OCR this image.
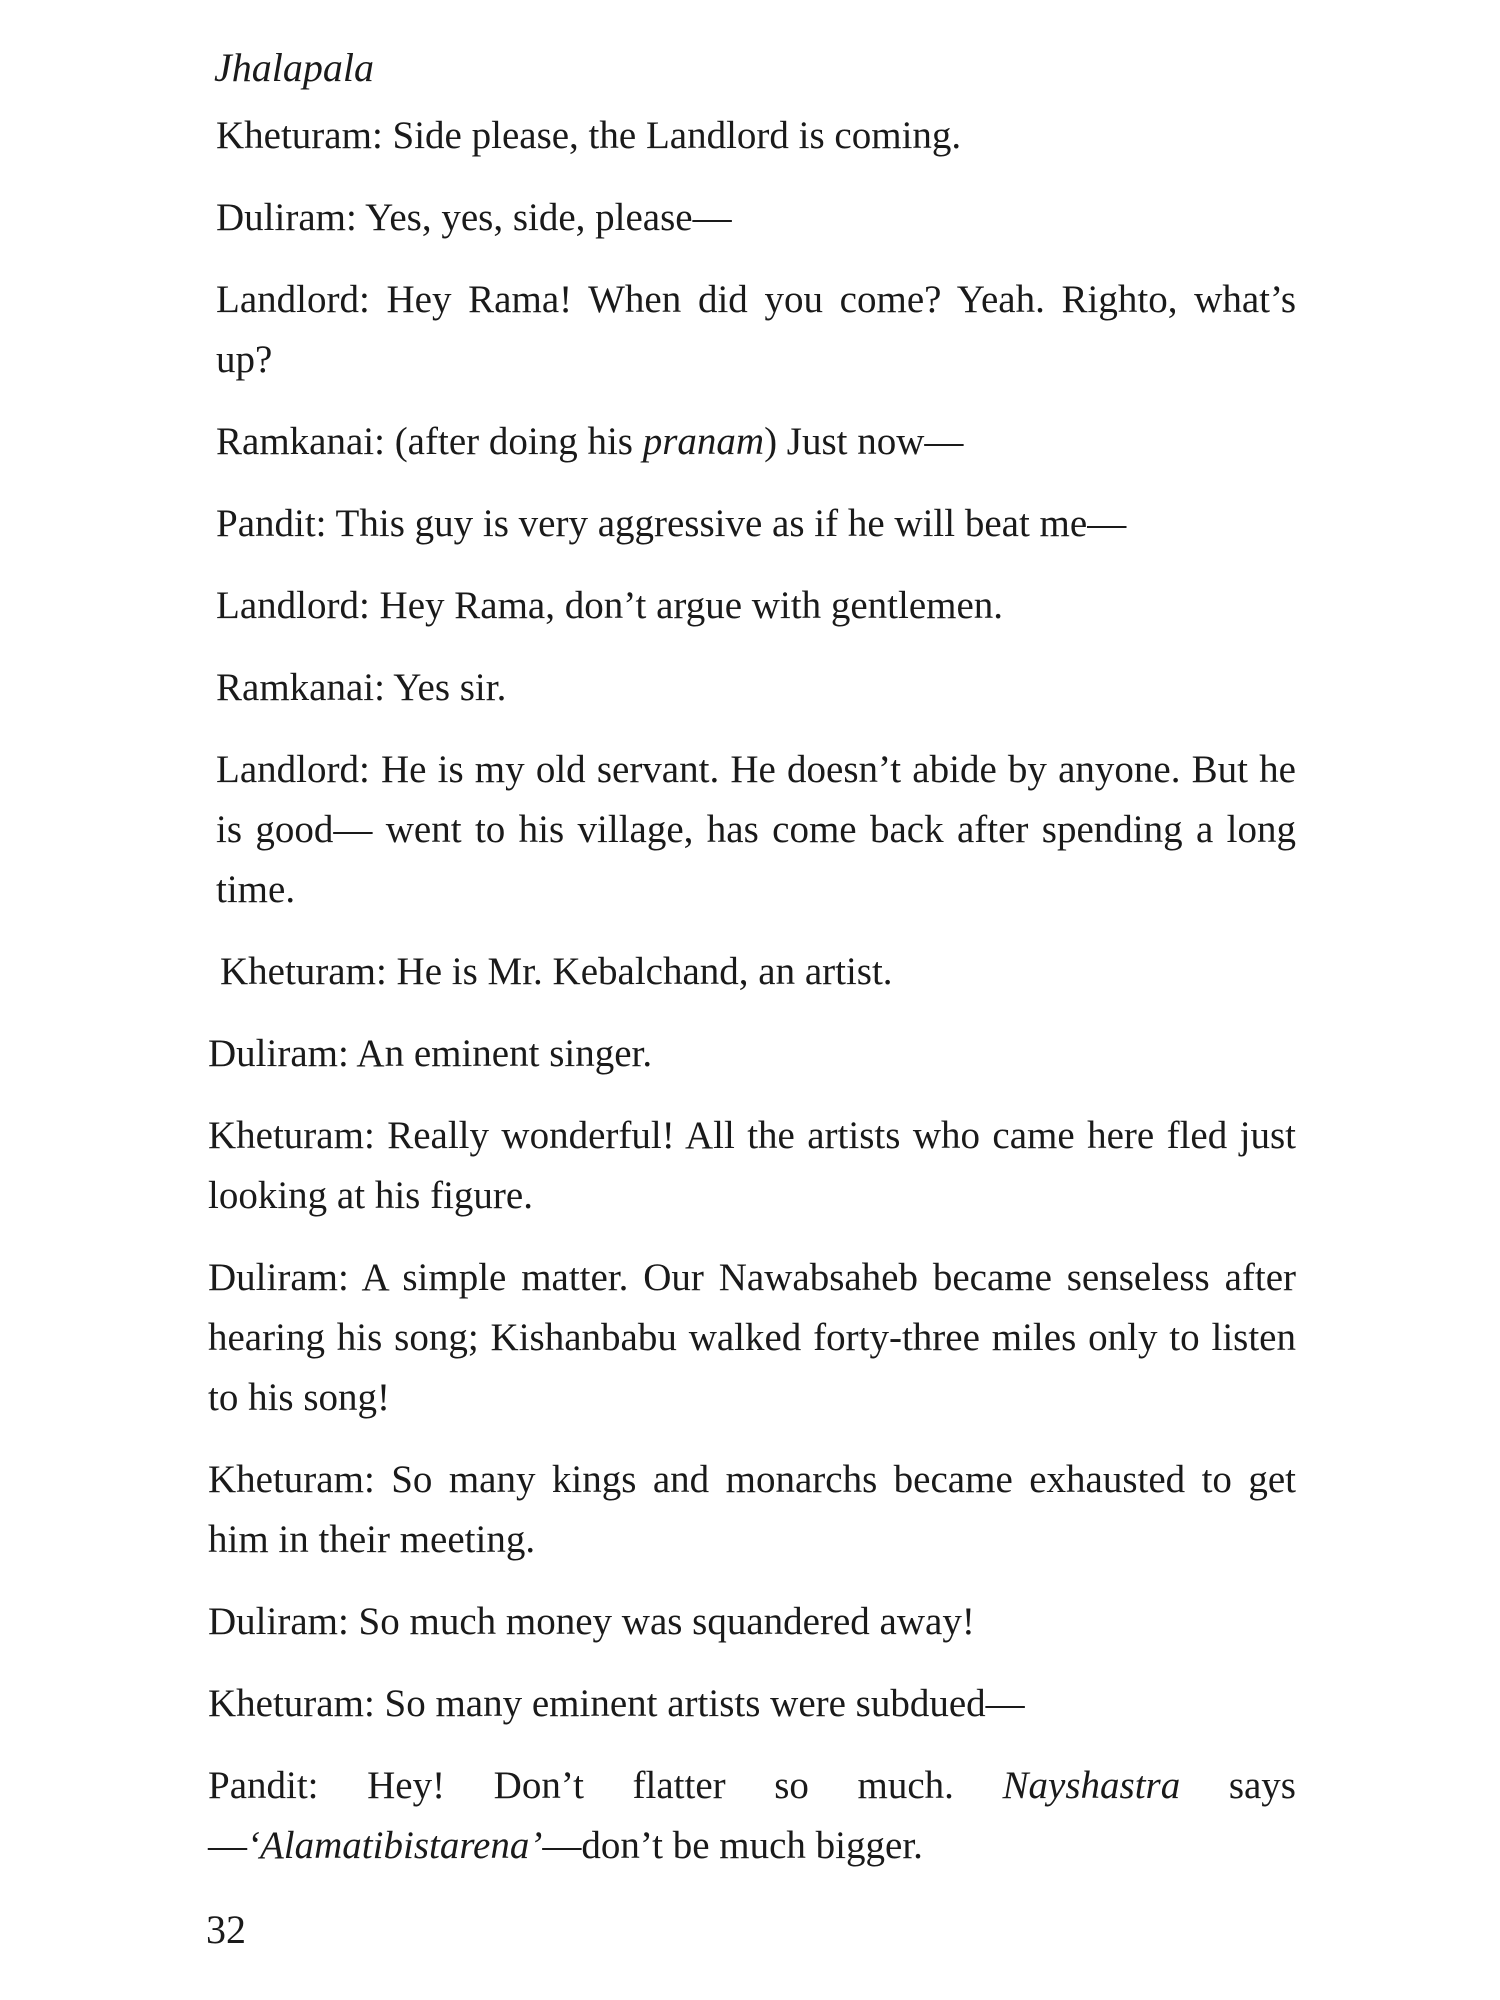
Jhalapala

Kheturam: Side please, the Landlord is coming.

Duliram: Yes, yes, side, please—

Landlord: Hey Rama! When did you come? Yeah. Righto, what’s up?

Ramkanai: (after doing his pranam) Just now—

Pandit: This guy is very aggressive as if he will beat me—

Landlord: Hey Rama, don’t argue with gentlemen.

Ramkanai: Yes sir.

Landlord: He is my old servant. He doesn’t abide by anyone. But he is good— went to his village, has come back after spending a long time.

Kheturam: He is Mr. Kebalchand, an artist.

Duliram: An eminent singer.

Kheturam: Really wonderful! All the artists who came here fled just looking at his figure.

Duliram: A simple matter. Our Nawabsaheb became senseless after hearing his song; Kishanbabu walked forty-three miles only to listen to his song!

Kheturam: So many kings and monarchs became exhausted to get him in their meeting.

Duliram: So much money was squandered away!

Kheturam: So many eminent artists were subdued—

Pandit: Hey! Don’t flatter so much. Nayshastra says—‘Alamatibistarena’—don’t be much bigger.

32
